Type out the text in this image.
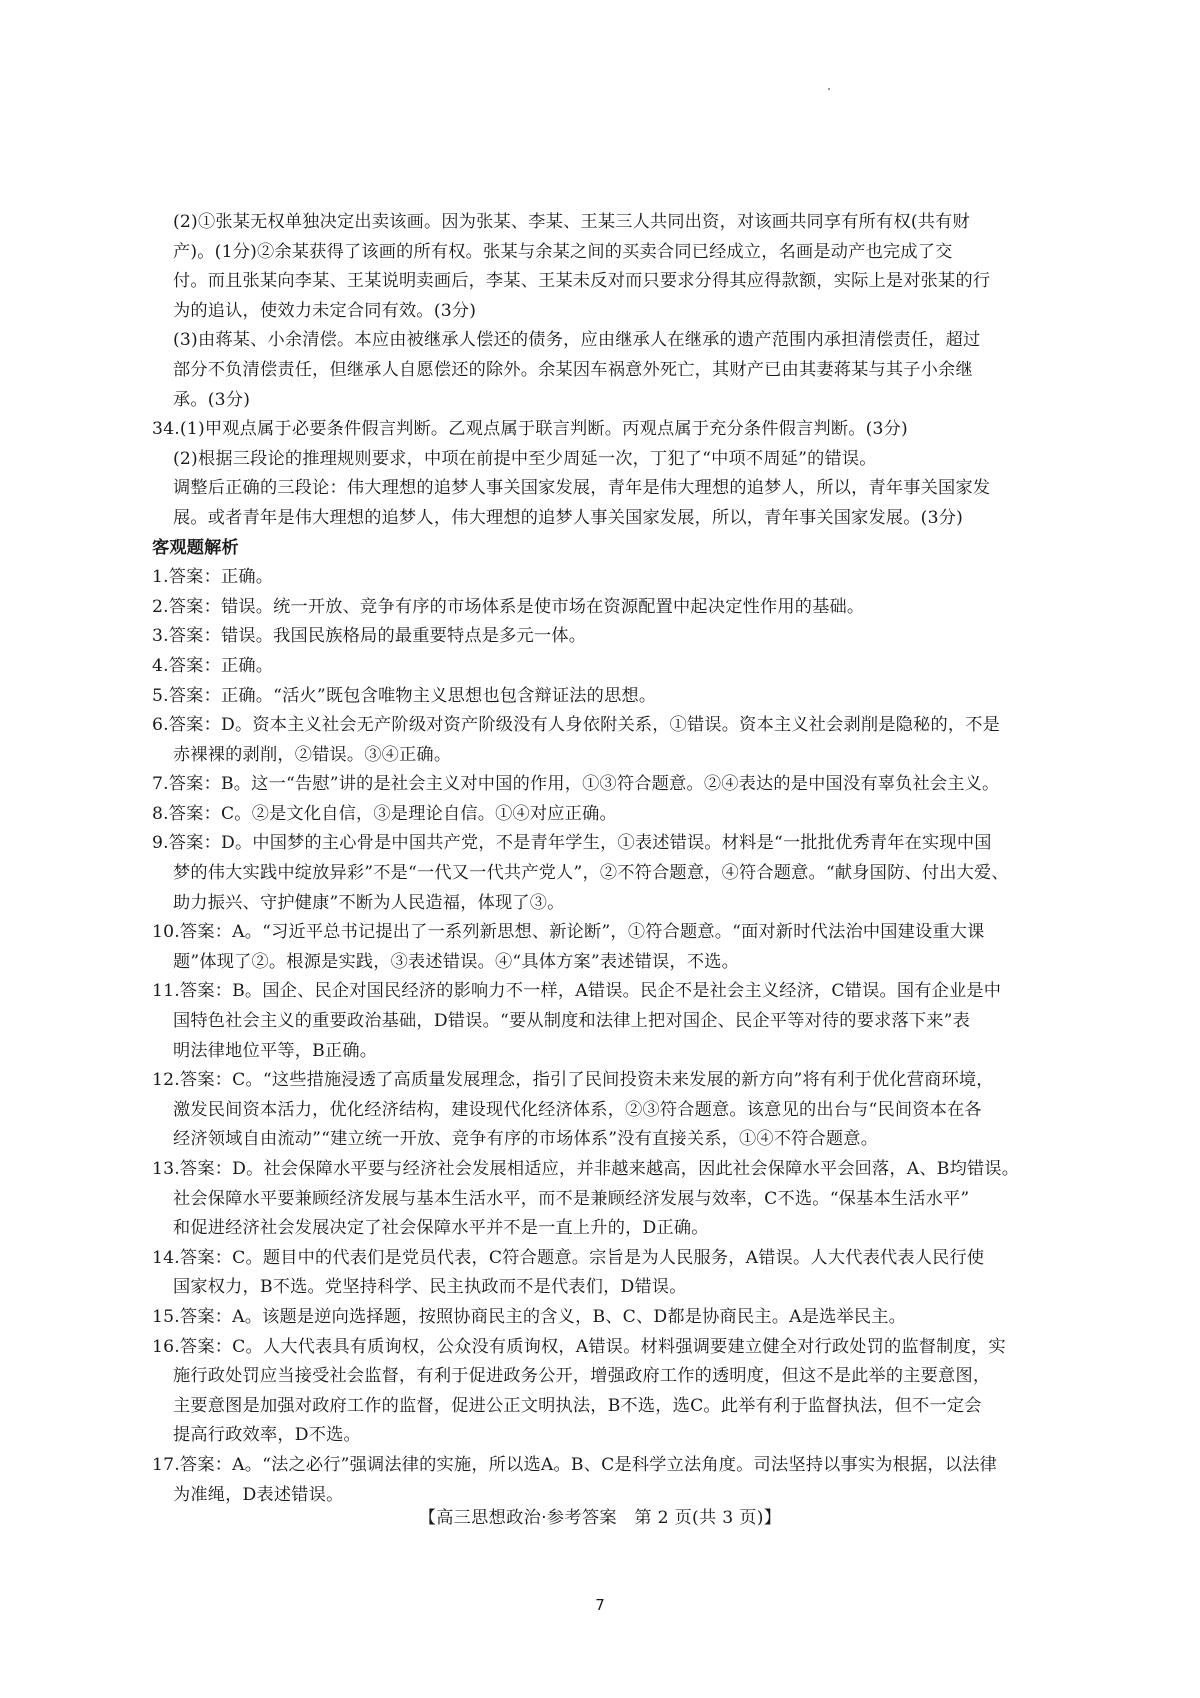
(2)①张某无权单独决定出卖该画。因为张某、李某、王某三人共同出资，对该画共同享有所有权(共有财
产)。(1分)②余某获得了该画的所有权。张某与余某之间的买卖合同已经成立，名画是动产也完成了交
付。而且张某向李某、王某说明卖画后，李某、王某未反对而只要求分得其应得款额，实际上是对张某的行
为的追认，使效力未定合同有效。(3分)
(3)由蒋某、小余清偿。本应由被继承人偿还的债务，应由继承人在继承的遗产范围内承担清偿责任，超过
部分不负清偿责任，但继承人自愿偿还的除外。余某因车祸意外死亡，其财产已由其妻蒋某与其子小余继
承。(3分)
34.(1)甲观点属于必要条件假言判断。乙观点属于联言判断。丙观点属于充分条件假言判断。(3分)
(2)根据三段论的推理规则要求，中项在前提中至少周延一次，丁犯了“中项不周延”的错误。
调整后正确的三段论：伟大理想的追梦人事关国家发展，青年是伟大理想的追梦人，所以，青年事关国家发
展。或者青年是伟大理想的追梦人，伟大理想的追梦人事关国家发展，所以，青年事关国家发展。(3分)
客观题解析
1.答案：正确。
2.答案：错误。统一开放、竞争有序的市场体系是使市场在资源配置中起决定性作用的基础。
3.答案：错误。我国民族格局的最重要特点是多元一体。
4.答案：正确。
5.答案：正确。“活火”既包含唯物主义思想也包含辩证法的思想。
6.答案：D。资本主义社会无产阶级对资产阶级没有人身依附关系，①错误。资本主义社会剥削是隐秘的，不是
赤裸裸的剥削，②错误。③④正确。
7.答案：B。这一“告慰”讲的是社会主义对中国的作用，①③符合题意。②④表达的是中国没有辜负社会主义。
8.答案：C。②是文化自信，③是理论自信。①④对应正确。
9.答案：D。中国梦的主心骨是中国共产党，不是青年学生，①表述错误。材料是“一批批优秀青年在实现中国
梦的伟大实践中绽放异彩”不是“一代又一代共产党人”，②不符合题意，④符合题意。“献身国防、付出大爱、
助力振兴、守护健康”不断为人民造福，体现了③。
10.答案：A。“习近平总书记提出了一系列新思想、新论断”，①符合题意。“面对新时代法治中国建设重大课
题”体现了②。根源是实践，③表述错误。④“具体方案”表述错误，不选。
11.答案：B。国企、民企对国民经济的影响力不一样，A错误。民企不是社会主义经济，C错误。国有企业是中
国特色社会主义的重要政治基础，D错误。“要从制度和法律上把对国企、民企平等对待的要求落下来”表
明法律地位平等，B正确。
12.答案：C。“这些措施浸透了高质量发展理念，指引了民间投资未来发展的新方向”将有利于优化营商环境，
激发民间资本活力，优化经济结构，建设现代化经济体系，②③符合题意。该意见的出台与“民间资本在各
经济领域自由流动”“建立统一开放、竞争有序的市场体系”没有直接关系，①④不符合题意。
13.答案：D。社会保障水平要与经济社会发展相适应，并非越来越高，因此社会保障水平会回落，A、B均错误。
社会保障水平要兼顾经济发展与基本生活水平，而不是兼顾经济发展与效率，C不选。“保基本生活水平”
和促进经济社会发展决定了社会保障水平并不是一直上升的，D正确。
14.答案：C。题目中的代表们是党员代表，C符合题意。宗旨是为人民服务，A错误。人大代表代表人民行使
国家权力，B不选。党坚持科学、民主执政而不是代表们，D错误。
15.答案：A。该题是逆向选择题，按照协商民主的含义，B、C、D都是协商民主。A是选举民主。
16.答案：C。人大代表具有质询权，公众没有质询权，A错误。材料强调要建立健全对行政处罚的监督制度，实
施行政处罚应当接受社会监督，有利于促进政务公开，增强政府工作的透明度，但这不是此举的主要意图，
主要意图是加强对政府工作的监督，促进公正文明执法，B不选，选C。此举有利于监督执法，但不一定会
提高行政效率，D不选。
17.答案：A。“法之必行”强调法律的实施，所以选A。B、C是科学立法角度。司法坚持以事实为根据，以法律
为准绳，D表述错误。
【高三思想政治·参考答案　第 2 页(共 3 页)】
7
